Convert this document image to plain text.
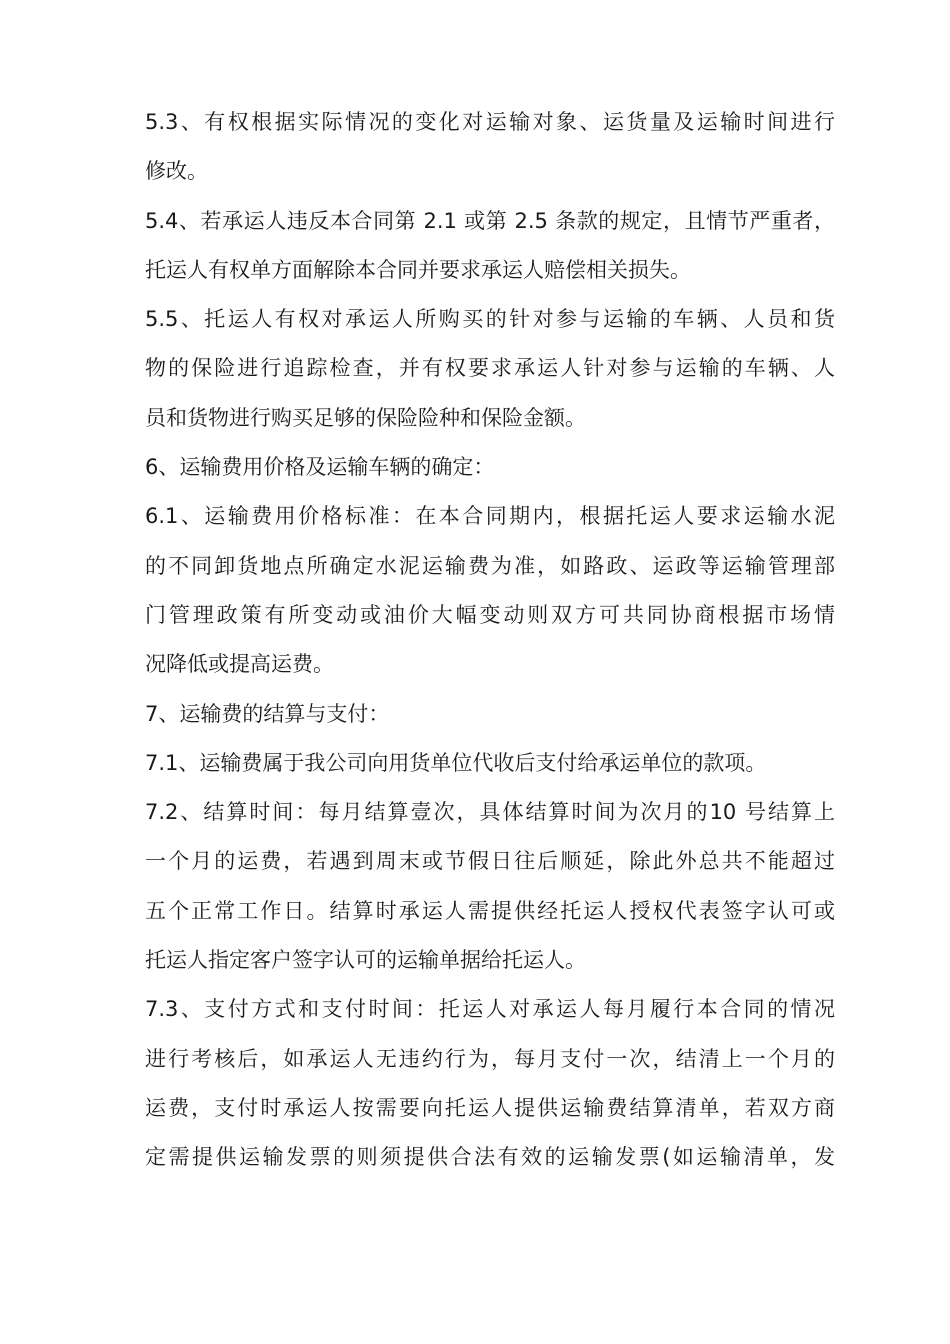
5.3、有权根据实际情况的变化对运输对象、运货量及运输时间进行
修改。
5.4、若承运人违反本合同第 2.1 或第 2.5 条款的规定，且情节严重者，
托运人有权单方面解除本合同并要求承运人赔偿相关损失。
5.5、托运人有权对承运人所购买的针对参与运输的车辆、人员和货
物的保险进行追踪检查，并有权要求承运人针对参与运输的车辆、人
员和货物进行购买足够的保险险种和保险金额。
6、运输费用价格及运输车辆的确定：
6.1、运输费用价格标准：在本合同期内，根据托运人要求运输水泥
的不同卸货地点所确定水泥运输费为准，如路政、运政等运输管理部
门管理政策有所变动或油价大幅变动则双方可共同协商根据市场情
况降低或提高运费。
7、运输费的结算与支付：
7.1、运输费属于我公司向用货单位代收后支付给承运单位的款项。
7.2、结算时间：每月结算壹次，具体结算时间为次月的10 号结算上
一个月的运费，若遇到周末或节假日往后顺延，除此外总共不能超过
五个正常工作日。结算时承运人需提供经托运人授权代表签字认可或
托运人指定客户签字认可的运输单据给托运人。
7.3、支付方式和支付时间：托运人对承运人每月履行本合同的情况
进行考核后，如承运人无违约行为，每月支付一次，结清上一个月的
运费，支付时承运人按需要向托运人提供运输费结算清单，若双方商
定需提供运输发票的则须提供合法有效的运输发票(如运输清单，发
